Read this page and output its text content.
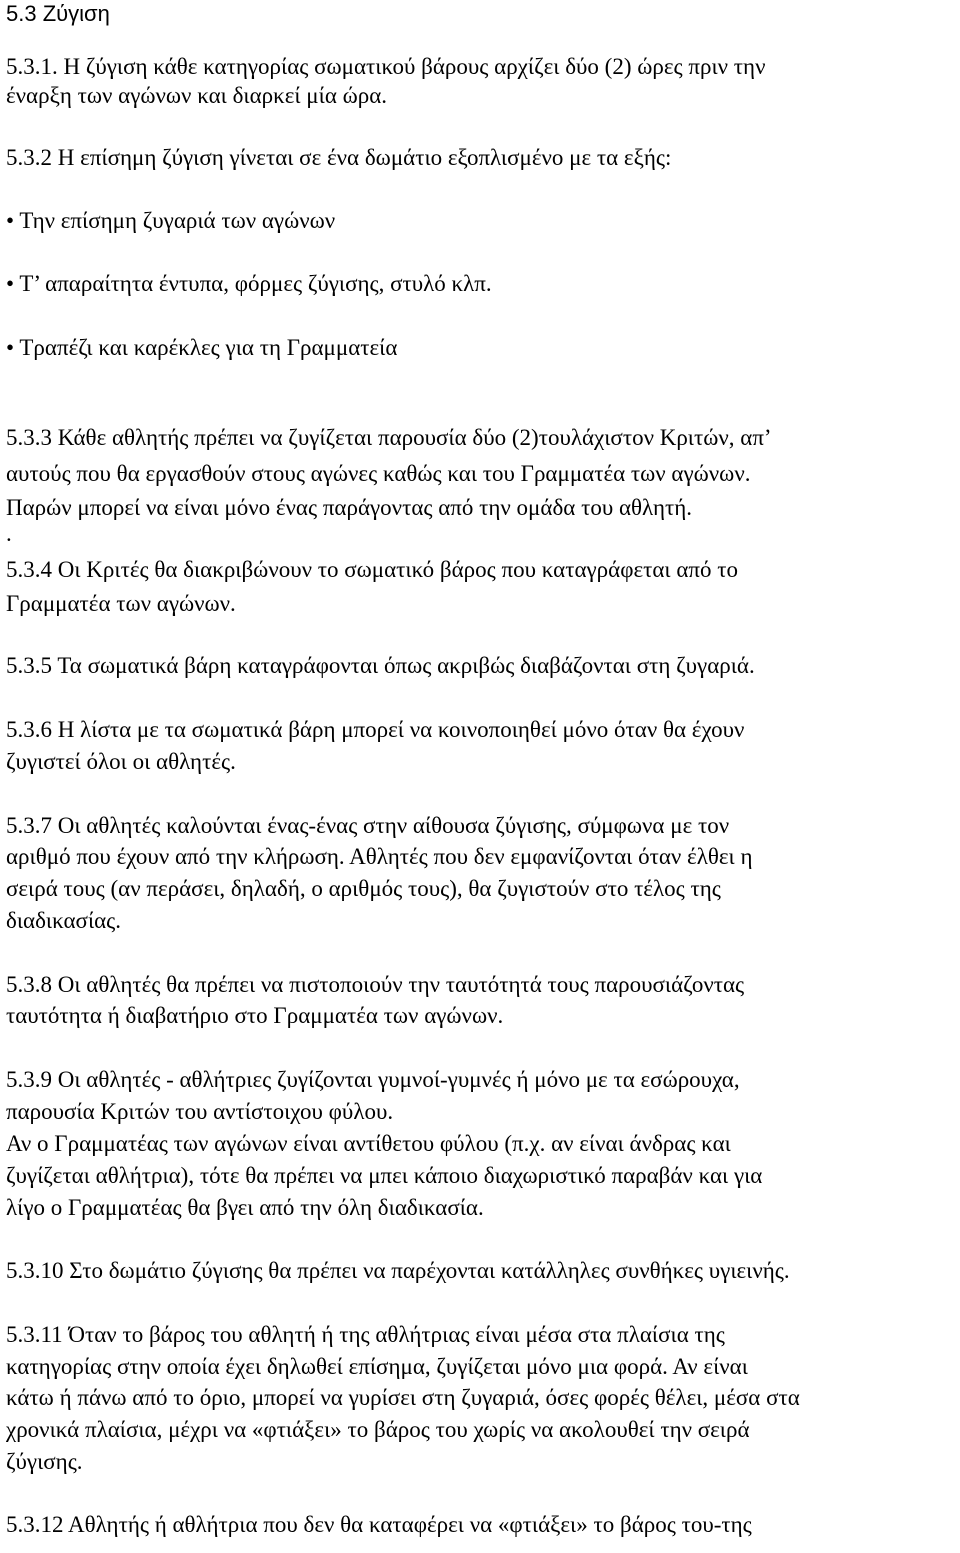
5.3 Ζύγιση
5.3.1. Η ζύγιση κάθε κατηγορίας σωματικού βάρους αρχίζει δύο (2) ώρες πριν την
έναρξη των αγώνων και διαρκεί μία ώρα.
5.3.2 Η επίσημη ζύγιση γίνεται σε ένα δωμάτιο εξοπλισμένο με τα εξής:
• Την επίσημη ζυγαριά των αγώνων
• Τ’ απαραίτητα έντυπα, φόρμες ζύγισης, στυλό κλπ.
• Τραπέζι και καρέκλες για τη Γραμματεία
5.3.3 Κάθε αθλητής πρέπει να ζυγίζεται παρουσία δύο (2)τουλάχιστον Κριτών, απ’
αυτούς που θα εργασθούν στους αγώνες καθώς και του Γραμματέα των αγώνων.
Παρών μπορεί να είναι μόνο ένας παράγοντας από την ομάδα του αθλητή.
.
5.3.4 Οι Κριτές θα διακριβώνουν το σωματικό βάρος που καταγράφεται από το
Γραμματέα των αγώνων.
5.3.5 Τα σωματικά βάρη καταγράφονται όπως ακριβώς διαβάζονται στη ζυγαριά.
5.3.6 Η λίστα με τα σωματικά βάρη μπορεί να κοινοποιηθεί μόνο όταν θα έχουν
ζυγιστεί όλοι οι αθλητές.
5.3.7 Οι αθλητές καλούνται ένας-ένας στην αίθουσα ζύγισης, σύμφωνα με τον
αριθμό που έχουν από την κλήρωση. Αθλητές που δεν εμφανίζονται όταν έλθει η
σειρά τους (αν περάσει, δηλαδή, ο αριθμός τους), θα ζυγιστούν στο τέλος της
διαδικασίας.
5.3.8 Οι αθλητές θα πρέπει να πιστοποιούν την ταυτότητά τους παρουσιάζοντας
ταυτότητα ή διαβατήριο στο Γραμματέα των αγώνων.
5.3.9 Οι αθλητές - αθλήτριες ζυγίζονται γυμνοί-γυμνές ή μόνο με τα εσώρουχα,
παρουσία Κριτών του αντίστοιχου φύλου.
Αν ο Γραμματέας των αγώνων είναι αντίθετου φύλου (π.χ. αν είναι άνδρας και
ζυγίζεται αθλήτρια), τότε θα πρέπει να μπει κάποιο διαχωριστικό παραβάν και για
λίγο ο Γραμματέας θα βγει από την όλη διαδικασία.
5.3.10 Στο δωμάτιο ζύγισης θα πρέπει να παρέχονται κατάλληλες συνθήκες υγιεινής.
5.3.11 Όταν το βάρος του αθλητή ή της αθλήτριας είναι μέσα στα πλαίσια της
κατηγορίας στην οποία έχει δηλωθεί επίσημα, ζυγίζεται μόνο μια φορά. Αν είναι
κάτω ή πάνω από το όριο, μπορεί να γυρίσει στη ζυγαριά, όσες φορές θέλει, μέσα στα
χρονικά πλαίσια, μέχρι να «φτιάξει» το βάρος του χωρίς να ακολουθεί την σειρά
ζύγισης.
5.3.12 Αθλητής ή αθλήτρια που δεν θα καταφέρει να «φτιάξει» το βάρος του-της
